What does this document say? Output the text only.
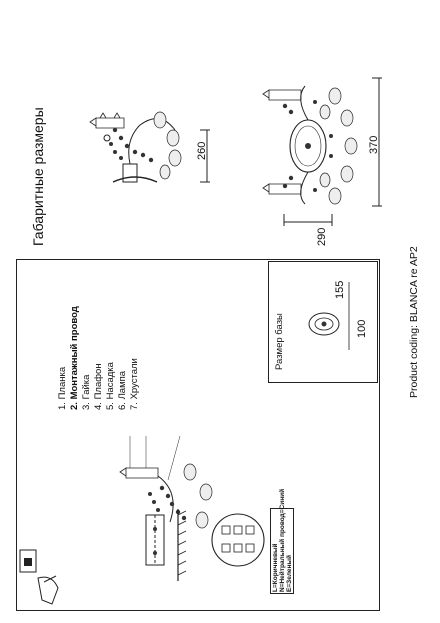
Габаритные размеры	260	370
290
Размер базы
155
100
1. Планка
2. Монтажный провод
3. Гайка
4. Плафон
5. Насадка
6. Лампа
7. Хрустали
L=Коричневый N=Нейтральный провод=Синий E=Зеленый
Product coding: BLANCA re AP2
